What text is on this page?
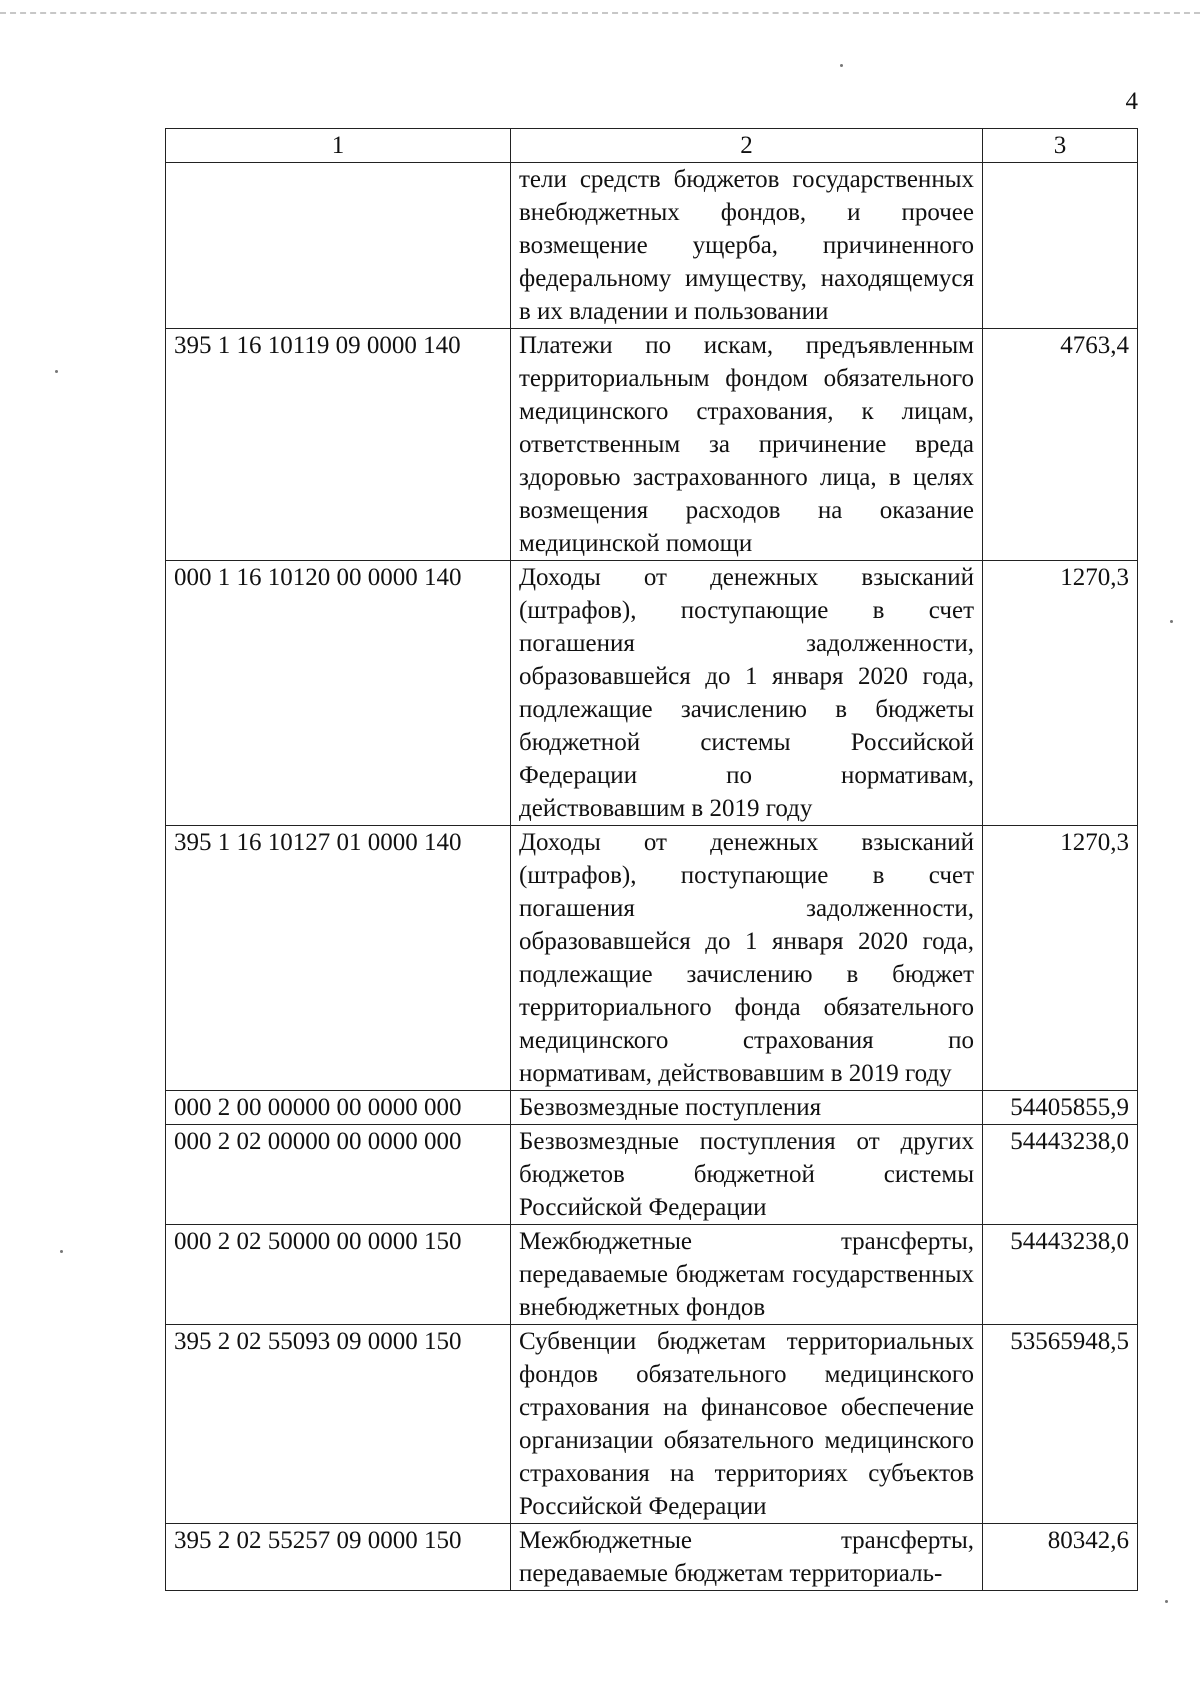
4
1	2	3
	тели средств бюджетов государственных внебюджетных фондов, и прочее возмещение ущерба, причиненного федеральному имуществу, находящемуся в их владении и пользовании	
395 1 16 10119 09 0000 140	Платежи по искам, предъявленным территориальным фондом обязательного медицинского страхования, к лицам, ответственным за причинение вреда здоровью застрахованного лица, в целях возмещения расходов на оказание медицинской помощи	4763,4
000 1 16 10120 00 0000 140	Доходы от денежных взысканий (штрафов), поступающие в счет погашения задолженности, образовавшейся до 1 января 2020 года, подлежащие зачислению в бюджеты бюджетной системы Российской Федерации по нормативам, действовавшим в 2019 году	1270,3
395 1 16 10127 01 0000 140	Доходы от денежных взысканий (штрафов), поступающие в счет погашения задолженности, образовавшейся до 1 января 2020 года, подлежащие зачислению в бюджет территориального фонда обязательного медицинского страхования по нормативам, действовавшим в 2019 году	1270,3
000 2 00 00000 00 0000 000	Безвозмездные поступления	54405855,9
000 2 02 00000 00 0000 000	Безвозмездные поступления от других бюджетов бюджетной системы Российской Федерации	54443238,0
000 2 02 50000 00 0000 150	Межбюджетные трансферты, передаваемые бюджетам государственных внебюджетных фондов	54443238,0
395 2 02 55093 09 0000 150	Субвенции бюджетам территориальных фондов обязательного медицинского страхования на финансовое обеспечение организации обязательного медицинского страхования на территориях субъектов Российской Федерации	53565948,5
395 2 02 55257 09 0000 150	Межбюджетные трансферты, передаваемые бюджетам территориаль-	80342,6
